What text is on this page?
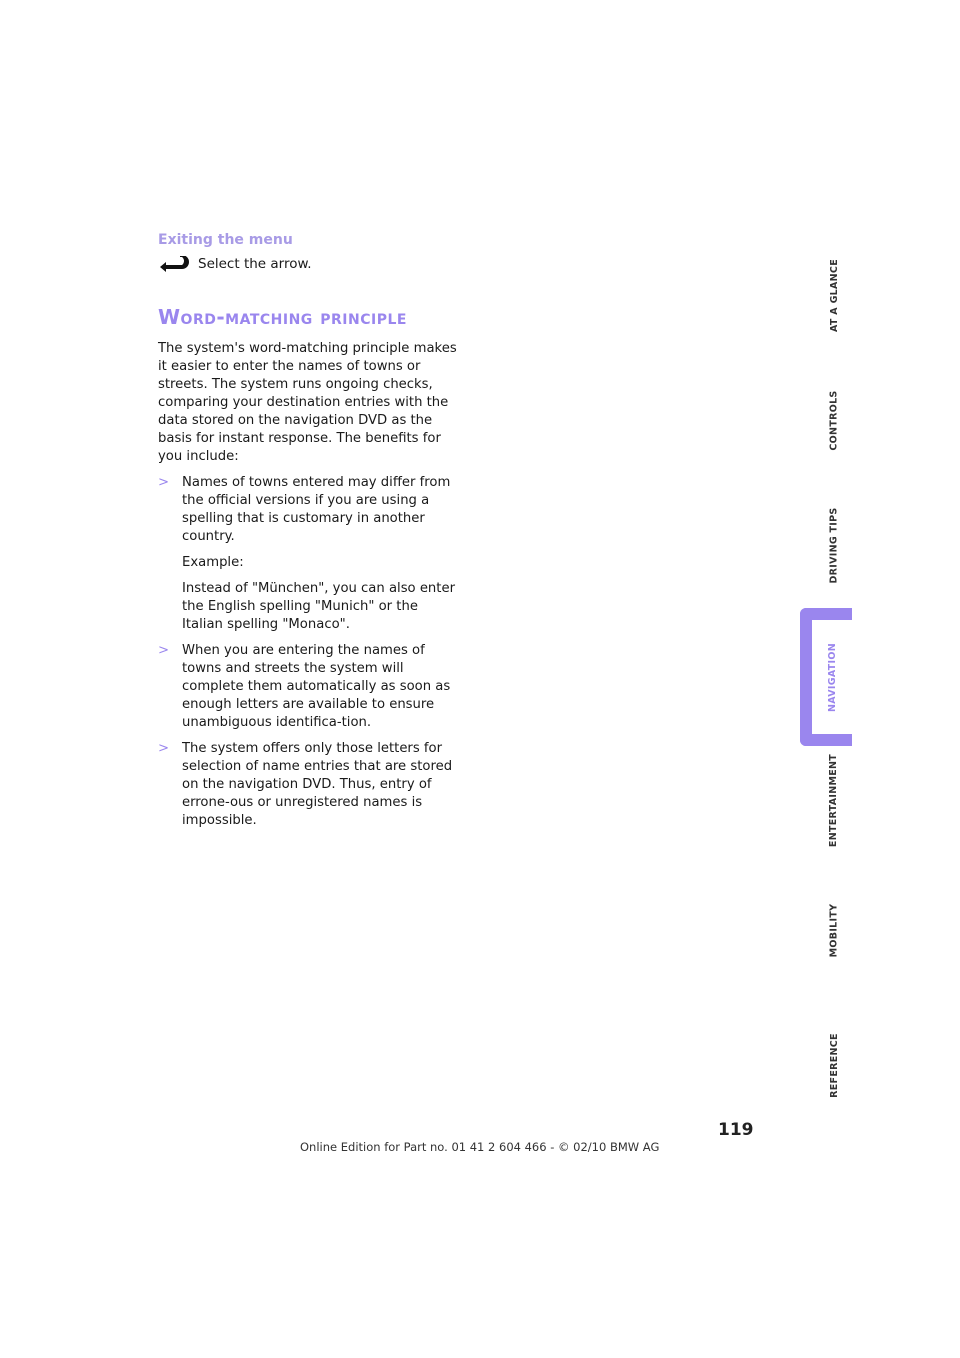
Exiting the menu
Select the arrow.
Word-matching principle

The system's word-matching principle makes it easier to enter the names of towns or streets. The system runs ongoing checks, comparing your destination entries with the data stored on the navigation DVD as the basis for instant response. The benefits for you include:

> Names of towns entered may differ from the official versions if you are using a spelling that is customary in another country.

Example:

Instead of "München", you can also enter the English spelling "Munich" or the Italian spelling "Monaco".

> When you are entering the names of towns and streets the system will complete them automatically as soon as enough letters are available to ensure unambiguous identifica-tion.

> The system offers only those letters for selection of name entries that are stored on the navigation DVD. Thus, entry of errone-ous or unregistered names is impossible.

AT A GLANCE
CONTROLS
DRIVING TIPS
NAVIGATION
ENTERTAINMENT
MOBILITY
REFERENCE
119
Online Edition for Part no. 01 41 2 604 466 - © 02/10 BMW AG
